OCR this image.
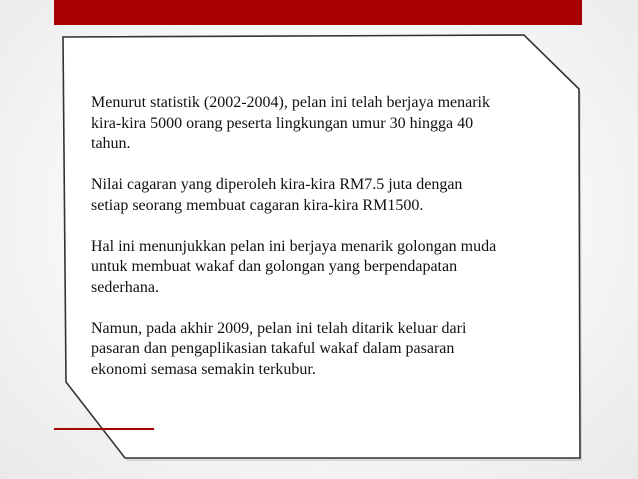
Menurut statistik (2002-2004), pelan ini telah berjaya menarik
kira-kira 5000 orang peserta lingkungan umur 30 hingga 40
tahun.

Nilai cagaran yang diperoleh kira-kira RM7.5 juta dengan
setiap seorang membuat cagaran kira-kira RM1500.

Hal ini menunjukkan pelan ini berjaya menarik golongan muda
untuk membuat wakaf dan golongan yang berpendapatan
sederhana.

Namun, pada akhir 2009, pelan ini telah ditarik keluar dari
pasaran dan pengaplikasian takaful wakaf dalam pasaran
ekonomi semasa semakin terkubur.
